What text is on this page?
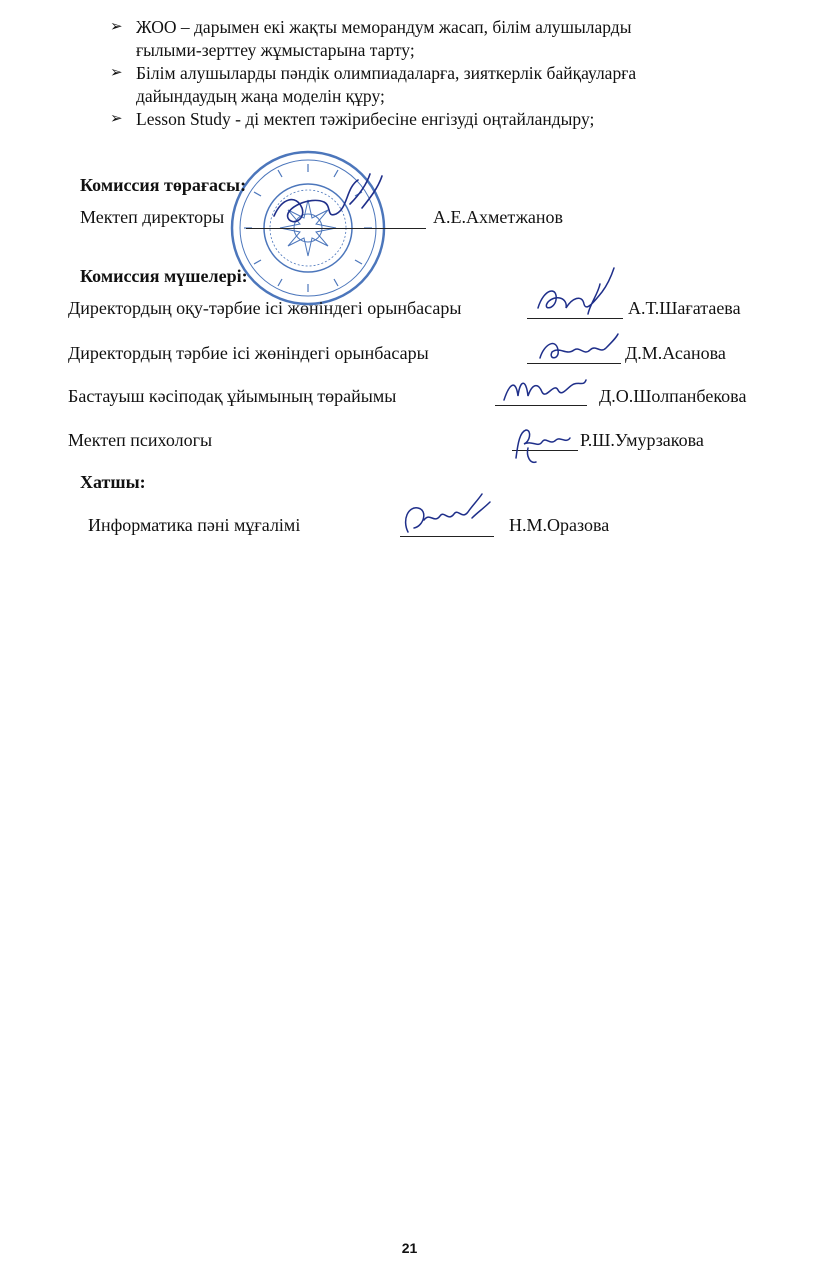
➢ ЖОО – дарымен екі жақты меморандум жасап, білім алушыларды
ғылыми-зерттеу жұмыстарына тарту;
➢ Білім алушыларды пәндік олимпиадаларға, зияткерлік байқауларға
дайындаудың жаңа моделін құру;
➢ Lesson Study - ді мектеп тәжірибесіне енгізуді оңтайландыру;
Комиссия төрағасы:
Мектеп директоры	А.Е.Ахметжанов
Комиссия мүшелері:
Директордың оқу-тәрбие ісі жөніндегі орынбасары	А.Т.Шағатаева
Директордың тәрбие ісі жөніндегі орынбасары	Д.М.Асанова
Бастауыш кәсіподақ ұйымының төрайымы	Д.О.Шолпанбекова
Мектеп психологы	Р.Ш.Умурзакова
Хатшы:
Информатика пәні мұғалімі	Н.М.Оразова
21
